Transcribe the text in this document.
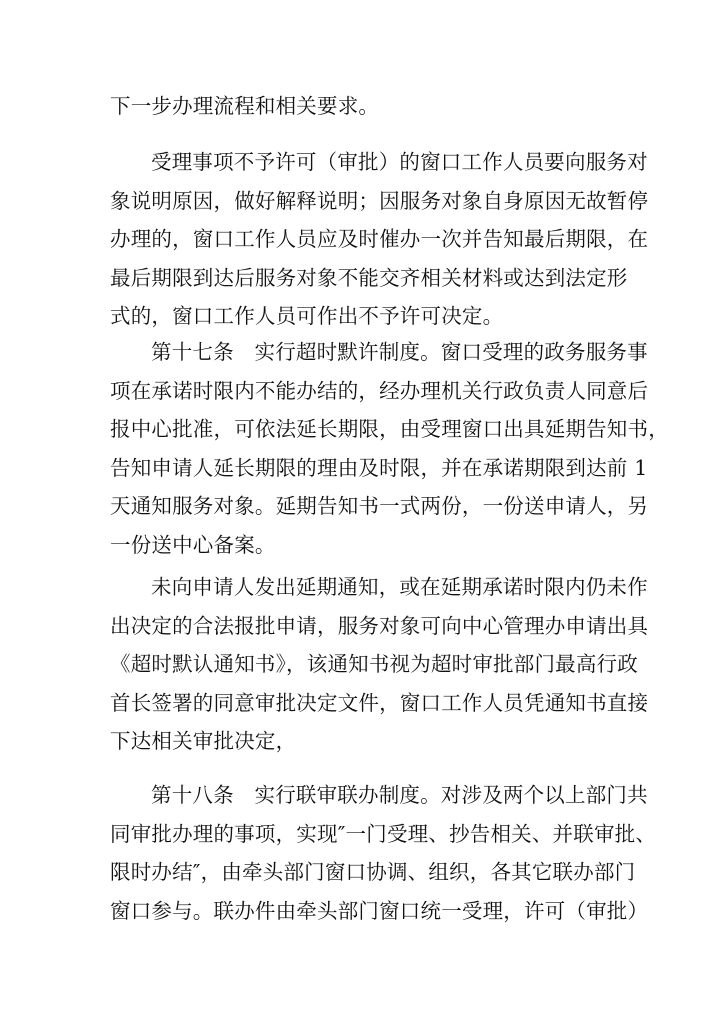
下一步办理流程和相关要求。

受理事项不予许可（审批）的窗口工作人员要向服务对
象说明原因，做好解释说明；因服务对象自身原因无故暂停
办理的，窗口工作人员应及时催办一次并告知最后期限，在
最后期限到达后服务对象不能交齐相关材料或达到法定形
式的，窗口工作人员可作出不予许可决定。

第十七条　实行超时默许制度。窗口受理的政务服务事
项在承诺时限内不能办结的，经办理机关行政负责人同意后
报中心批准，可依法延长期限，由受理窗口出具延期告知书，
告知申请人延长期限的理由及时限，并在承诺期限到达前 1
天通知服务对象。延期告知书一式两份，一份送申请人，另
一份送中心备案。

未向申请人发出延期通知，或在延期承诺时限内仍未作
出决定的合法报批申请，服务对象可向中心管理办申请出具
《超时默认通知书》，该通知书视为超时审批部门最高行政
首长签署的同意审批决定文件，窗口工作人员凭通知书直接
下达相关审批决定，

第十八条　实行联审联办制度。对涉及两个以上部门共
同审批办理的事项，实现″一门受理、抄告相关、并联审批、
限时办结″，由牵头部门窗口协调、组织，各其它联办部门
窗口参与。联办件由牵头部门窗口统一受理，许可（审批）
